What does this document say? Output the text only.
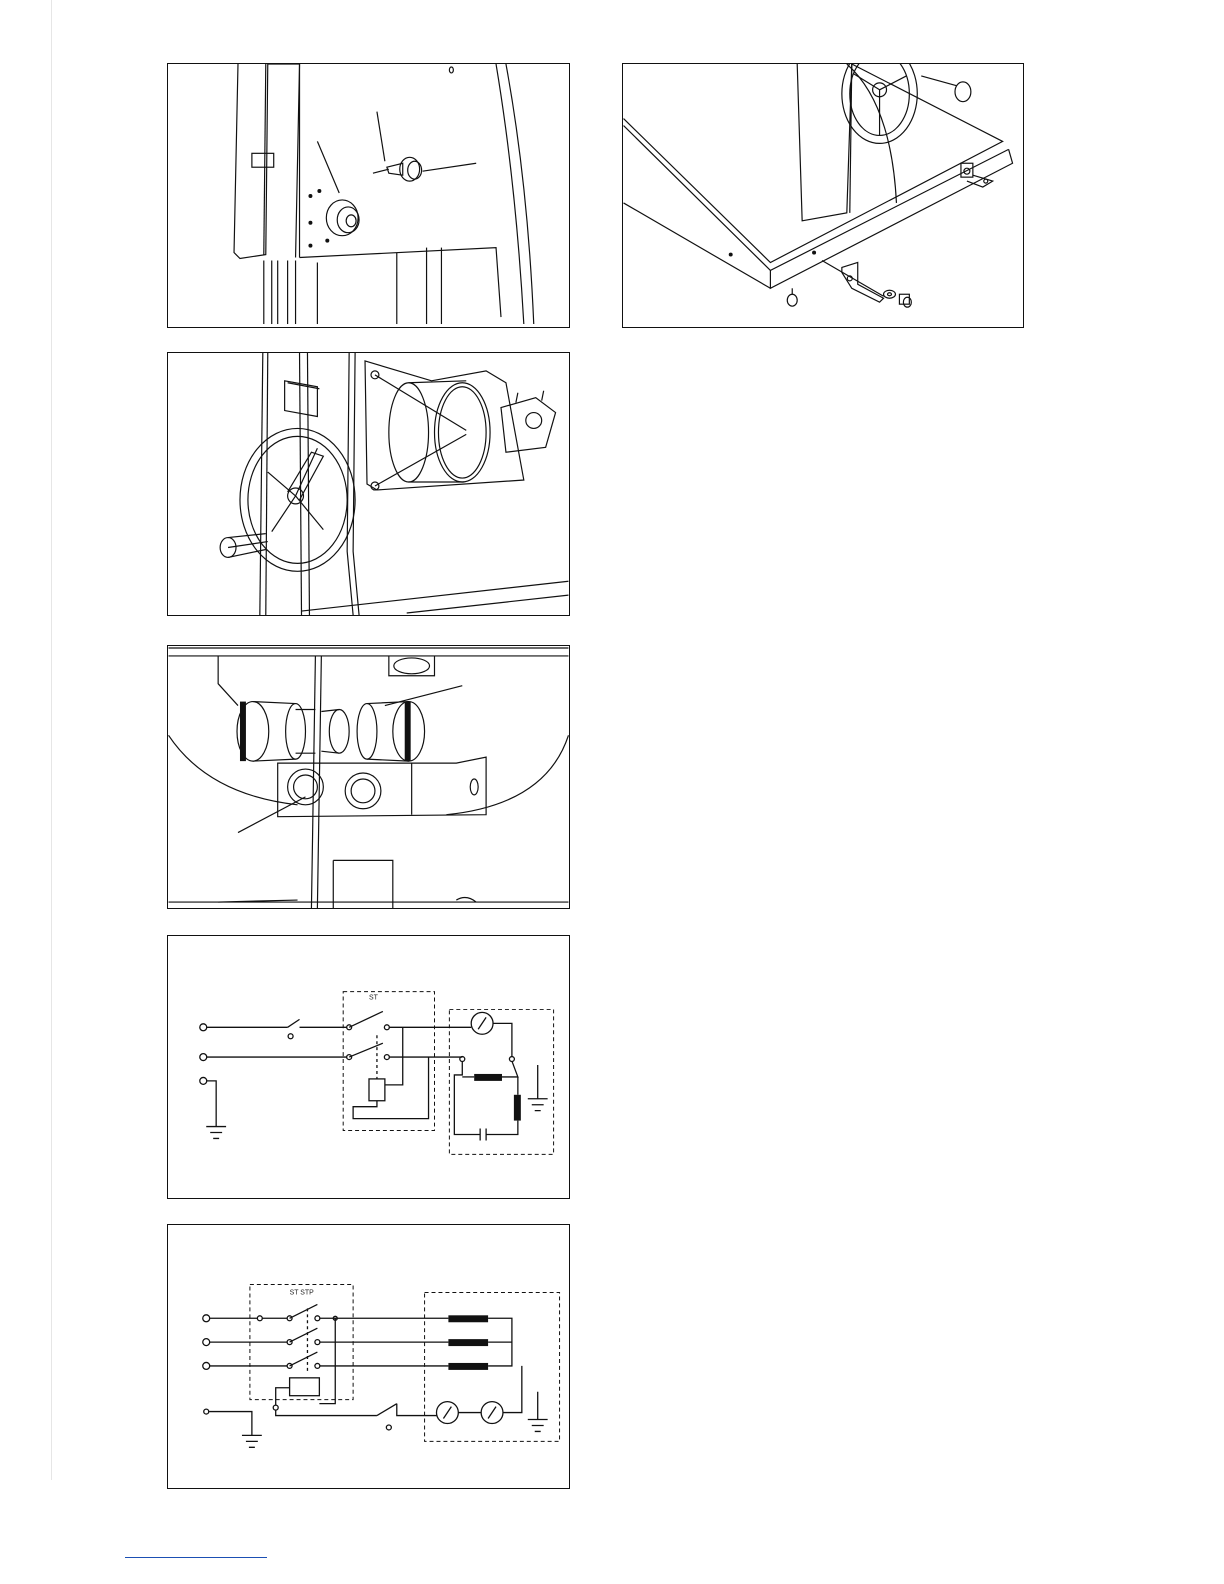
ST
ST STP
